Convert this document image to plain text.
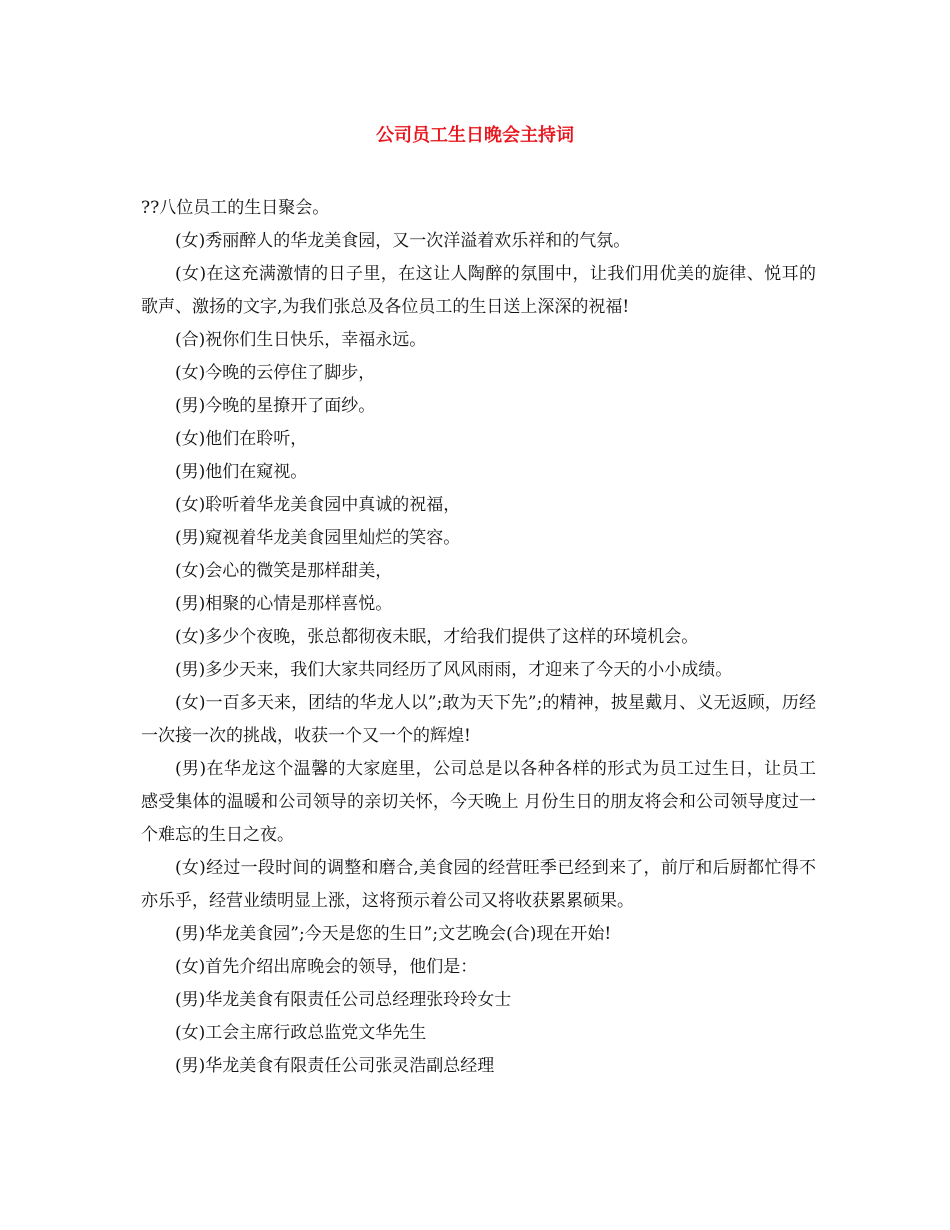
公司员工生日晚会主持词

??八位员工的生日聚会。

(女)秀丽醉人的华龙美食园，又一次洋溢着欢乐祥和的气氛。

(女)在这充满激情的日子里，在这让人陶醉的氛围中，让我们用优美的旋律、悦耳的歌声、激扬的文字,为我们张总及各位员工的生日送上深深的祝福!

(合)祝你们生日快乐，幸福永远。

(女)今晚的云停住了脚步，

(男)今晚的星撩开了面纱。

(女)他们在聆听，

(男)他们在窥视。

(女)聆听着华龙美食园中真诚的祝福，

(男)窥视着华龙美食园里灿烂的笑容。

(女)会心的微笑是那样甜美，

(男)相聚的心情是那样喜悦。

(女)多少个夜晚，张总都彻夜未眠，才给我们提供了这样的环境机会。

(男)多少天来，我们大家共同经历了风风雨雨，才迎来了今天的小小成绩。

(女)一百多天来，团结的华龙人以”;敢为天下先”;的精神，披星戴月、义无返顾，历经一次接一次的挑战，收获一个又一个的辉煌!

(男)在华龙这个温馨的大家庭里，公司总是以各种各样的形式为员工过生日，让员工感受集体的温暖和公司领导的亲切关怀，今天晚上 月份生日的朋友将会和公司领导度过一个难忘的生日之夜。

(女)经过一段时间的调整和磨合,美食园的经营旺季已经到来了，前厅和后厨都忙得不亦乐乎，经营业绩明显上涨，这将预示着公司又将收获累累硕果。

(男)华龙美食园”;今天是您的生日”;文艺晚会(合)现在开始!

(女)首先介绍出席晚会的领导，他们是：

(男)华龙美食有限责任公司总经理张玲玲女士

(女)工会主席行政总监党文华先生

(男)华龙美食有限责任公司张灵浩副总经理
